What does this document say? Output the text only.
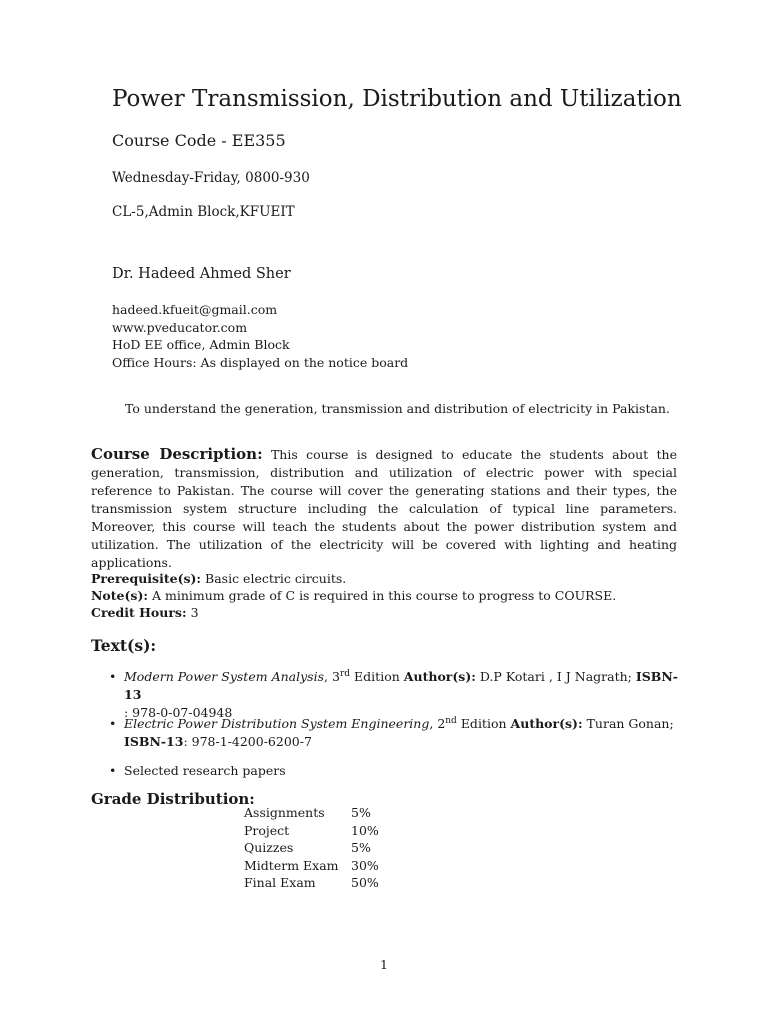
Power Transmission, Distribution and Utilization
Course Code - EE355
Wednesday-Friday, 0800-930
CL-5,Admin Block,KFUEIT
Dr. Hadeed Ahmed Sher
hadeed.kfueit@gmail.com
www.pveducator.com
HoD EE office, Admin Block
Office Hours: As displayed on the notice board
To understand the generation, transmission and distribution of electricity in Pakistan.
Course Description: This course is designed to educate the students about the generation, transmission, distribution and utilization of electric power with special reference to Pakistan. The course will cover the generating stations and their types, the transmission system structure including the calculation of typical line parameters. Moreover, this course will teach the students about the power distribution system and utilization. The utilization of the electricity will be covered with lighting and heating applications.
Prerequisite(s): Basic electric circuits.
Note(s): A minimum grade of C is required in this course to progress to COURSE.
Credit Hours: 3
Text(s):
• Modern Power System Analysis, 3rd Edition Author(s): D.P Kotari , I J Nagrath; ISBN-13
: 978-0-07-04948
• Electric Power Distribution System Engineering, 2nd Edition Author(s): Turan Gonan;
ISBN-13: 978-1-4200-6200-7
• Selected research papers
Grade Distribution:
Assignments	5%
Project	10%
Quizzes	5%
Midterm Exam	30%
Final Exam	50%
1
